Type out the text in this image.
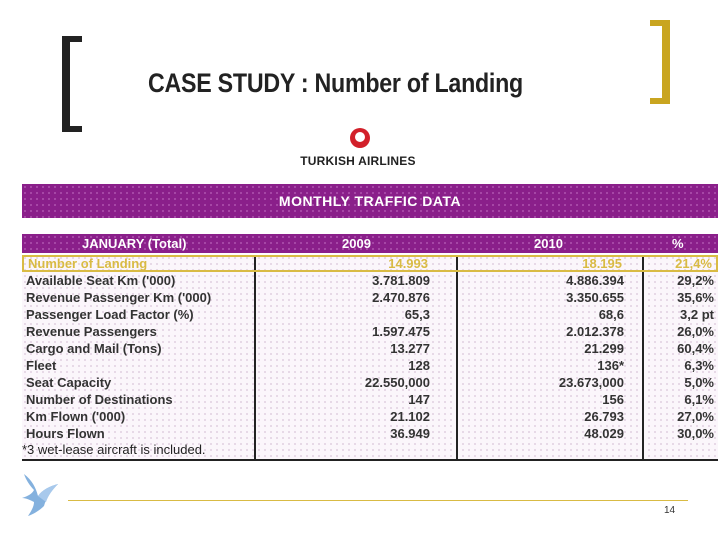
CASE STUDY : Number of Landing
TURKISH AIRLINES
MONTHLY TRAFFIC DATA
JANUARY (Total)	2009	2010	%
Number of Landing	14.993	18.195	21,4%
Available Seat Km ('000)	3.781.809	4.886.394	29,2%
Revenue Passenger Km ('000)	2.470.876	3.350.655	35,6%
Passenger Load Factor (%)	65,3	68,6	3,2 pt
Revenue Passengers	1.597.475	2.012.378	26,0%
Cargo and Mail (Tons)	13.277	21.299	60,4%
Fleet	128	136*	6,3%
Seat Capacity	22.550,000	23.673,000	5,0%
Number of Destinations	147	156	6,1%
Km Flown ('000)	21.102	26.793	27,0%
Hours Flown	36.949	48.029	30,0%
*3 wet-lease aircraft is included.
14
